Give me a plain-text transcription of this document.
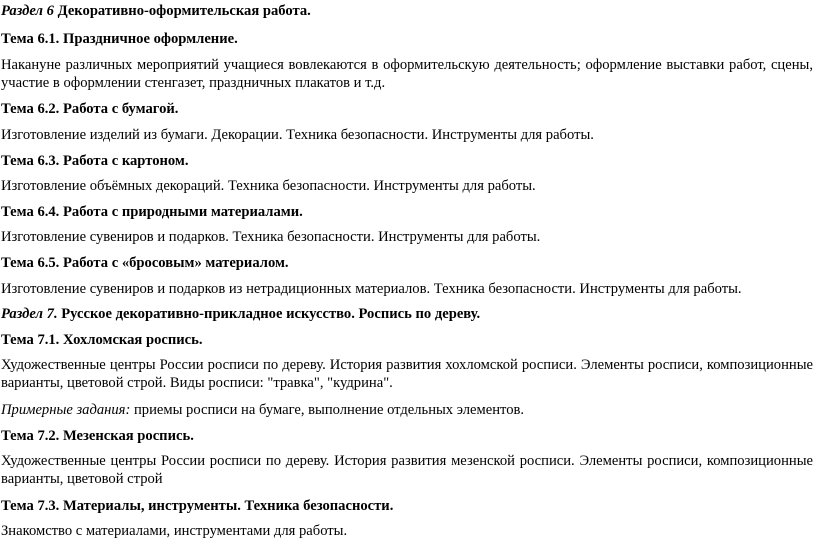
Раздел 6 Декоративно-оформительская работа.

Тема 6.1. Праздничное оформление.

Накануне различных мероприятий учащиеся вовлекаются в оформительскую деятельность; оформление выставки работ, сцены, участие в оформлении стенгазет, праздничных плакатов и т.д.

Тема 6.2. Работа с бумагой.

Изготовление изделий из бумаги. Декорации. Техника безопасности. Инструменты для работы.

Тема 6.3. Работа с картоном.

Изготовление объёмных декораций. Техника безопасности. Инструменты для работы.

Тема 6.4. Работа с природными материалами.

Изготовление сувениров и подарков. Техника безопасности. Инструменты для работы.

Тема 6.5. Работа с «бросовым» материалом.

Изготовление сувениров и подарков из нетрадиционных материалов. Техника безопасности. Инструменты для работы.

Раздел 7. Русское декоративно-прикладное искусство. Роспись по дереву.

Тема 7.1. Хохломская роспись.

Художественные центры России росписи по дереву. История развития хохломской росписи. Элементы росписи, композиционные варианты, цветовой строй. Виды росписи: "травка", "кудрина".

Примерные задания: приемы росписи на бумаге, выполнение отдельных элементов.

Тема 7.2. Мезенская роспись.

Художественные центры России росписи по дереву. История развития мезенской росписи. Элементы росписи, композиционные варианты, цветовой строй

Тема 7.3. Материалы, инструменты. Техника безопасности.

Знакомство с материалами, инструментами для работы.
